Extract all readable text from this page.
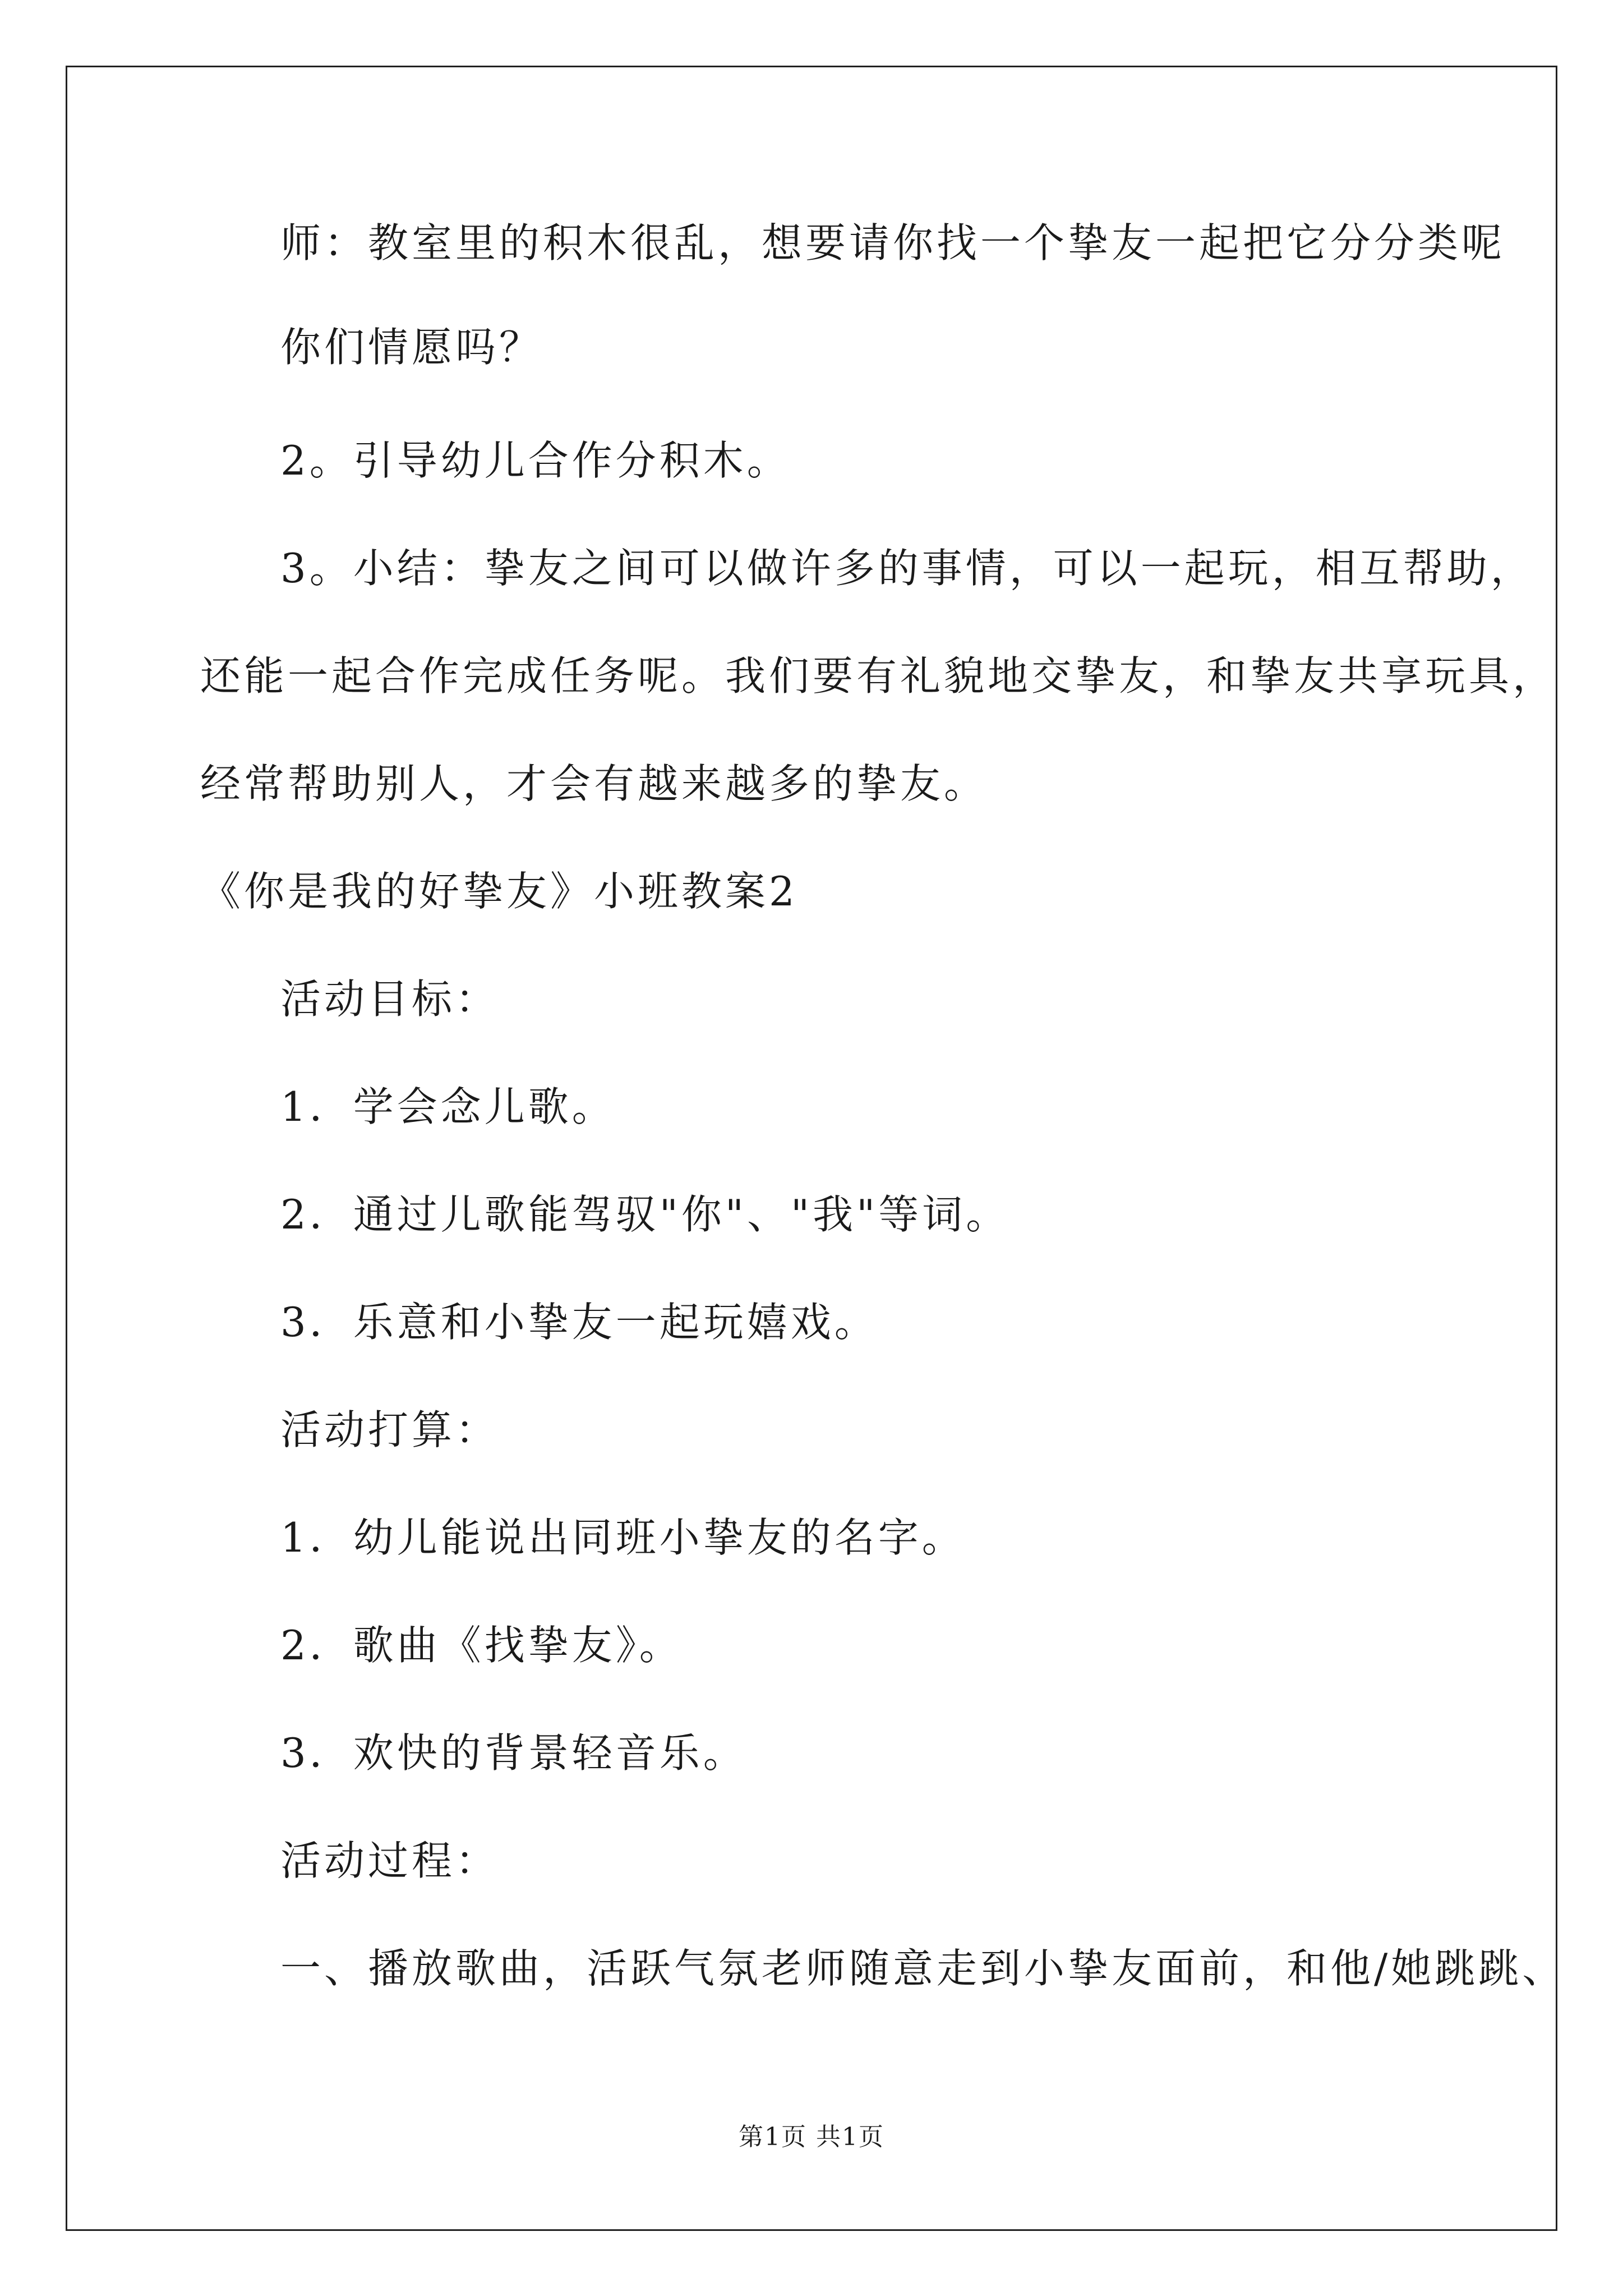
师：教室里的积木很乱，想要请你找一个挚友一起把它分分类呢
你们情愿吗？
2。引导幼儿合作分积木。
3。小结：挚友之间可以做许多的事情，可以一起玩，相互帮助，
还能一起合作完成任务呢。我们要有礼貌地交挚友，和挚友共享玩具，
经常帮助别人，才会有越来越多的挚友。
《你是我的好挚友》小班教案2
活动目标：
1．学会念儿歌。
2．通过儿歌能驾驭"你"、"我"等词。
3．乐意和小挚友一起玩嬉戏。
活动打算：
1．幼儿能说出同班小挚友的名字。
2．歌曲《找挚友》。
3．欢快的背景轻音乐。
活动过程：
一、播放歌曲，活跃气氛老师随意走到小挚友面前，和他/她跳跳、
第1页 共1页
